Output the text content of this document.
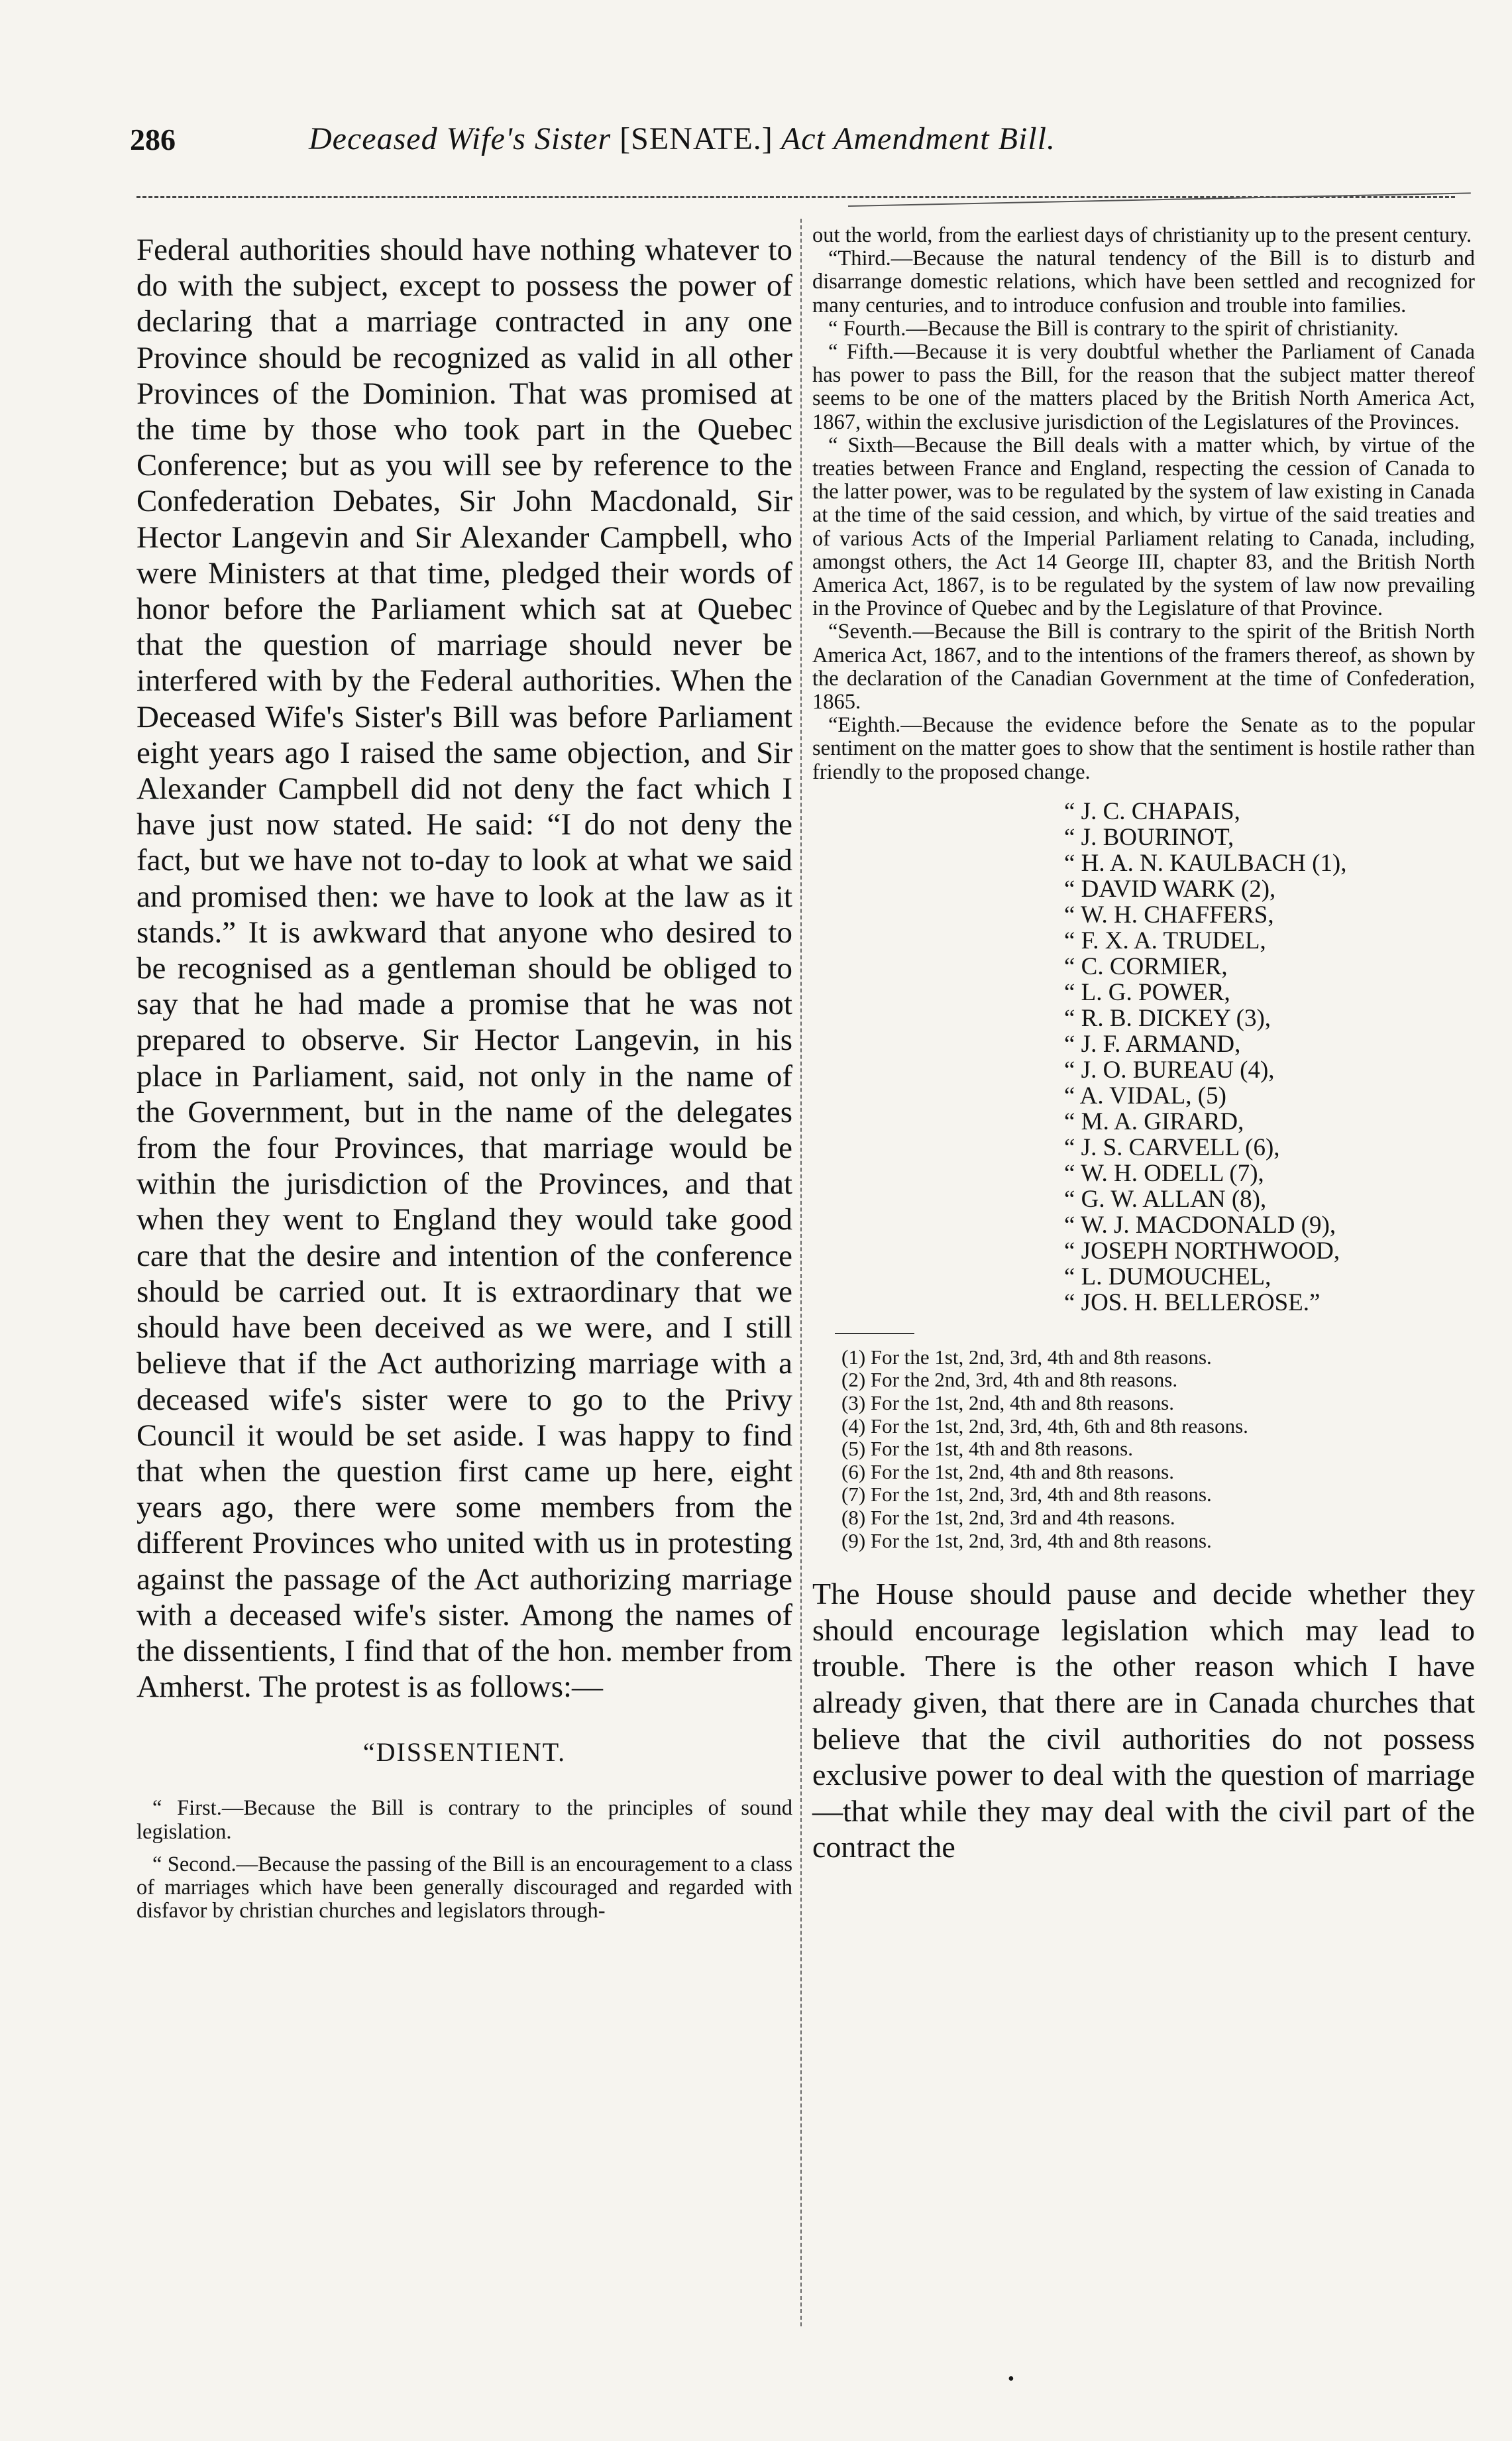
286	Deceased Wife's Sister [SENATE.] Act Amendment Bill.

Federal authorities should have nothing whatever to do with the subject, except to possess the power of declaring that a marriage contracted in any one Province should be recognized as valid in all other Provinces of the Dominion. That was promised at the time by those who took part in the Quebec Conference; but as you will see by reference to the Confederation Debates, Sir John Macdonald, Sir Hector Langevin and Sir Alexander Campbell, who were Ministers at that time, pledged their words of honor before the Parliament which sat at Quebec that the question of marriage should never be interfered with by the Federal authorities. When the Deceased Wife's Sister's Bill was before Parliament eight years ago I raised the same objection, and Sir Alexander Campbell did not deny the fact which I have just now stated. He said: “I do not deny the fact, but we have not to-day to look at what we said and promised then: we have to look at the law as it stands.” It is awkward that anyone who desired to be recognised as a gentleman should be obliged to say that he had made a promise that he was not prepared to observe. Sir Hector Langevin, in his place in Parliament, said, not only in the name of the Government, but in the name of the delegates from the four Provinces, that marriage would be within the jurisdiction of the Provinces, and that when they went to England they would take good care that the desire and intention of the conference should be carried out. It is extraordinary that we should have been deceived as we were, and I still believe that if the Act authorizing marriage with a deceased wife's sister were to go to the Privy Council it would be set aside. I was happy to find that when the question first came up here, eight years ago, there were some members from the different Provinces who united with us in protesting against the passage of the Act authorizing marriage with a deceased wife's sister. Among the names of the dissentients, I find that of the hon. member from Amherst. The protest is as follows:—

“DISSENTIENT.

“ First.—Because the Bill is contrary to the principles of sound legislation.

“ Second.—Because the passing of the Bill is an encouragement to a class of marriages which have been generally discouraged and regarded with disfavor by christian churches and legislators through-

out the world, from the earliest days of christianity up to the present century.

“Third.—Because the natural tendency of the Bill is to disturb and disarrange domestic relations, which have been settled and recognized for many centuries, and to introduce confusion and trouble into families.

“ Fourth.—Because the Bill is contrary to the spirit of christianity.

“ Fifth.—Because it is very doubtful whether the Parliament of Canada has power to pass the Bill, for the reason that the subject matter thereof seems to be one of the matters placed by the British North America Act, 1867, within the exclusive jurisdiction of the Legislatures of the Provinces.

“ Sixth—Because the Bill deals with a matter which, by virtue of the treaties between France and England, respecting the cession of Canada to the latter power, was to be regulated by the system of law existing in Canada at the time of the said cession, and which, by virtue of the said treaties and of various Acts of the Imperial Parliament relating to Canada, including, amongst others, the Act 14 George III, chapter 83, and the British North America Act, 1867, is to be regulated by the system of law now prevailing in the Province of Quebec and by the Legislature of that Province.

“Seventh.—Because the Bill is contrary to the spirit of the British North America Act, 1867, and to the intentions of the framers thereof, as shown by the declaration of the Canadian Government at the time of Confederation, 1865.

“Eighth.—Because the evidence before the Senate as to the popular sentiment on the matter goes to show that the sentiment is hostile rather than friendly to the proposed change.

“ J. C. CHAPAIS,
“ J. BOURINOT,
“ H. A. N. KAULBACH (1),
“ DAVID WARK (2),
“ W. H. CHAFFERS,
“ F. X. A. TRUDEL,
“ C. CORMIER,
“ L. G. POWER,
“ R. B. DICKEY (3),
“ J. F. ARMAND,
“ J. O. BUREAU (4),
“ A. VIDAL, (5)
“ M. A. GIRARD,
“ J. S. CARVELL (6),
“ W. H. ODELL (7),
“ G. W. ALLAN (8),
“ W. J. MACDONALD (9),
“ JOSEPH NORTHWOOD,
“ L. DUMOUCHEL,
“ JOS. H. BELLEROSE.”
(1) For the 1st, 2nd, 3rd, 4th and 8th reasons.
(2) For the 2nd, 3rd, 4th and 8th reasons.
(3) For the 1st, 2nd, 4th and 8th reasons.
(4) For the 1st, 2nd, 3rd, 4th, 6th and 8th reasons.
(5) For the 1st, 4th and 8th reasons.
(6) For the 1st, 2nd, 4th and 8th reasons.
(7) For the 1st, 2nd, 3rd, 4th and 8th reasons.
(8) For the 1st, 2nd, 3rd and 4th reasons.
(9) For the 1st, 2nd, 3rd, 4th and 8th reasons.

The House should pause and decide whether they should encourage legislation which may lead to trouble. There is the other reason which I have already given, that there are in Canada churches that believe that the civil authorities do not possess exclusive power to deal with the question of marriage—that while they may deal with the civil part of the contract the

•
